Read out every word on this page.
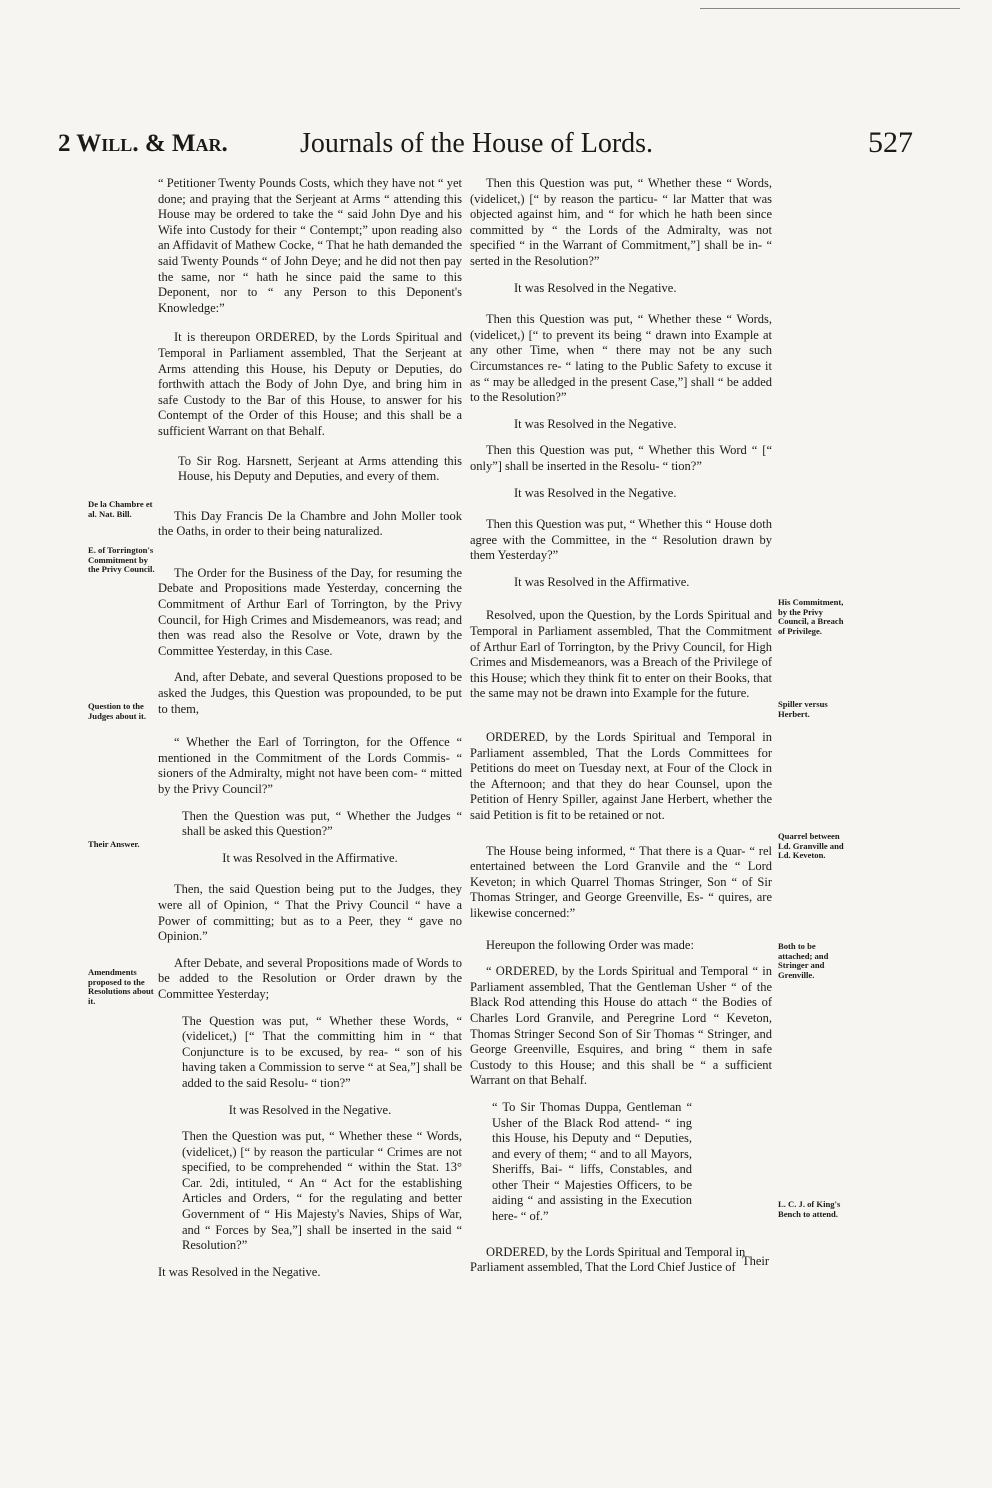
2 Will. & Mar.	Journals of the House of Lords.	527

“ Petitioner Twenty Pounds Costs, which they have not “ yet done; and praying that the Serjeant at Arms “ attending this House may be ordered to take the “ said John Dye and his Wife into Custody for their “ Contempt;” upon reading also an Affidavit of Mathew Cocke, “ That he hath demanded the said Twenty Pounds “ of John Deye; and he did not then pay the same, nor “ hath he since paid the same to this Deponent, nor to “ any Person to this Deponent's Knowledge:”

It is thereupon ORDERED, by the Lords Spiritual and Temporal in Parliament assembled, That the Serjeant at Arms attending this House, his Deputy or Deputies, do forthwith attach the Body of John Dye, and bring him in safe Custody to the Bar of this House, to answer for his Contempt of the Order of this House; and this shall be a sufficient Warrant on that Behalf.

To Sir Rog. Harsnett, Serjeant at Arms attending this House, his Deputy and Deputies, and every of them.

This Day Francis De la Chambre and John Moller took the Oaths, in order to their being naturalized.

The Order for the Business of the Day, for resuming the Debate and Propositions made Yesterday, concerning the Commitment of Arthur Earl of Torrington, by the Privy Council, for High Crimes and Misdemeanors, was read; and then was read also the Resolve or Vote, drawn by the Committee Yesterday, in this Case.

And, after Debate, and several Questions proposed to be asked the Judges, this Question was propounded, to be put to them,

“ Whether the Earl of Torrington, for the Offence “ mentioned in the Commitment of the Lords Commis- “ sioners of the Admiralty, might not have been com- “ mitted by the Privy Council?”

Then the Question was put, “ Whether the Judges “ shall be asked this Question?”

It was Resolved in the Affirmative.

Then, the said Question being put to the Judges, they were all of Opinion, “ That the Privy Council “ have a Power of committing; but as to a Peer, they “ gave no Opinion.”

After Debate, and several Propositions made of Words to be added to the Resolution or Order drawn by the Committee Yesterday;

The Question was put, “ Whether these Words, “ (videlicet,) [“ That the committing him in “ that Conjuncture is to be excused, by rea- “ son of his having taken a Commission to serve “ at Sea,”] shall be added to the said Resolu- “ tion?”

It was Resolved in the Negative.

Then the Question was put, “ Whether these “ Words, (videlicet,) [“ by reason the particular “ Crimes are not specified, to be comprehended “ within the Stat. 13° Car. 2di, intituled, “ An “ Act for the establishing Articles and Orders, “ for the regulating and better Government of “ His Majesty's Navies, Ships of War, and “ Forces by Sea,”] shall be inserted in the said “ Resolution?”

It was Resolved in the Negative.

Then this Question was put, “ Whether these “ Words, (videlicet,) [“ by reason the particu- “ lar Matter that was objected against him, and “ for which he hath been since committed by “ the Lords of the Admiralty, was not specified “ in the Warrant of Commitment,”] shall be in- “ serted in the Resolution?”

It was Resolved in the Negative.

Then this Question was put, “ Whether these “ Words, (videlicet,) [“ to prevent its being “ drawn into Example at any other Time, when “ there may not be any such Circumstances re- “ lating to the Public Safety to excuse it as “ may be alledged in the present Case,”] shall “ be added to the Resolution?”

It was Resolved in the Negative.

Then this Question was put, “ Whether this Word “ [“ only”] shall be inserted in the Resolu- “ tion?”

It was Resolved in the Negative.

Then this Question was put, “ Whether this “ House doth agree with the Committee, in the “ Resolution drawn by them Yesterday?”

It was Resolved in the Affirmative.

Resolved, upon the Question, by the Lords Spiritual and Temporal in Parliament assembled, That the Commitment of Arthur Earl of Torrington, by the Privy Council, for High Crimes and Misdemeanors, was a Breach of the Privilege of this House; which they think fit to enter on their Books, that the same may not be drawn into Example for the future.

ORDERED, by the Lords Spiritual and Temporal in Parliament assembled, That the Lords Committees for Petitions do meet on Tuesday next, at Four of the Clock in the Afternoon; and that they do hear Counsel, upon the Petition of Henry Spiller, against Jane Herbert, whether the said Petition is fit to be retained or not.

The House being informed, “ That there is a Quar- “ rel entertained between the Lord Granvile and the “ Lord Keveton; in which Quarrel Thomas Stringer, Son “ of Sir Thomas Stringer, and George Greenville, Es- “ quires, are likewise concerned:”

Hereupon the following Order was made:

“ ORDERED, by the Lords Spiritual and Temporal “ in Parliament assembled, That the Gentleman Usher “ of the Black Rod attending this House do attach “ the Bodies of Charles Lord Granvile, and Peregrine Lord “ Keveton, Thomas Stringer Second Son of Sir Thomas “ Stringer, and George Greenville, Esquires, and bring “ them in safe Custody to this House; and this shall be “ a sufficient Warrant on that Behalf.

“ To Sir Thomas Duppa, Gentleman “ Usher of the Black Rod attend- “ ing this House, his Deputy and “ Deputies, and every of them; “ and to all Mayors, Sheriffs, Bai- “ liffs, Constables, and other Their “ Majesties Officers, to be aiding “ and assisting in the Execution here- “ of.”

ORDERED, by the Lords Spiritual and Temporal in Parliament assembled, That the Lord Chief Justice of Their
De la Chambre et al. Nat. Bill.
E. of Torrington's Commitment by the Privy Council.
Question to the Judges about it.
Their Answer.
Amendments proposed to the Resolutions about it.
His Commitment, by the Privy Council, a Breach of Privilege.
Spiller versus Herbert.
Quarrel between Ld. Granville and Ld. Keveton.
Both to be attached; and Stringer and Grenville.
L. C. J. of King's Bench to attend.
